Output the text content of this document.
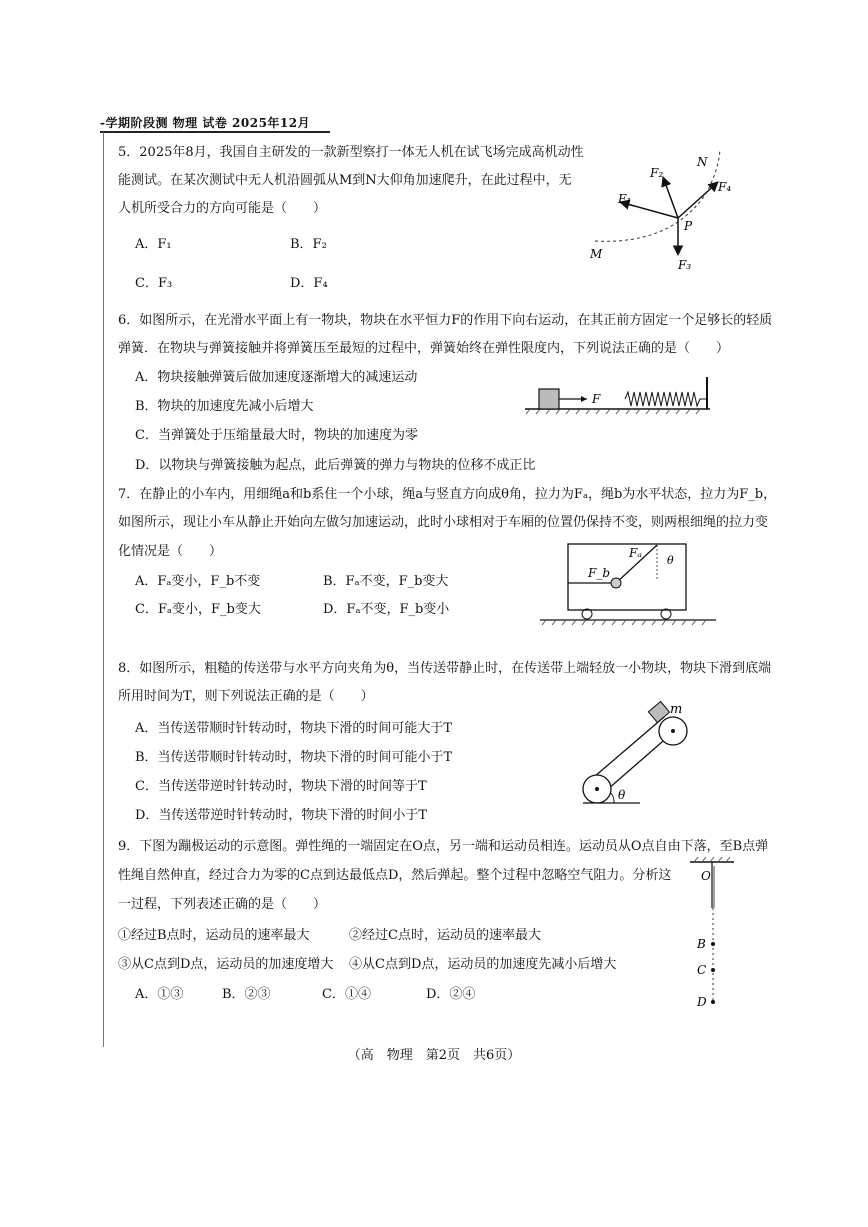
-学期阶段测 物理 试卷 2025年12月
5．2025年8月，我国自主研发的一款新型察打一体无人机在试飞场完成高机动性
能测试。在某次测试中无人机沿圆弧从M到N大仰角加速爬升，在此过程中，无
人机所受合力的方向可能是（　　）
A．F₁	B．F₂
C．F₃	D．F₄
F₁
F₂
F₃
F₄
N
M
P
6．如图所示，在光滑水平面上有一物块，物块在水平恒力F的作用下向右运动，在其正前方固定一个足够长的轻质
弹簧．在物块与弹簧接触并将弹簧压至最短的过程中，弹簧始终在弹性限度内，下列说法正确的是（　　）
A．物块接触弹簧后做加速度逐渐增大的减速运动
B．物块的加速度先减小后增大
C．当弹簧处于压缩量最大时，物块的加速度为零
D．以物块与弹簧接触为起点，此后弹簧的弹力与物块的位移不成正比
F
7．在静止的小车内，用细绳a和b系住一个小球，绳a与竖直方向成θ角，拉力为Fₐ，绳b为水平状态，拉力为F_b，
如图所示，现让小车从静止开始向左做匀加速运动，此时小球相对于车厢的位置仍保持不变，则两根细绳的拉力变
化情况是（　　）
A．Fₐ变小，F_b不变	B．Fₐ不变，F_b变大
C．Fₐ变小，F_b变大	D．Fₐ不变，F_b变小
Fₐ
F_b
θ
8．如图所示，粗糙的传送带与水平方向夹角为θ，当传送带静止时，在传送带上端轻放一小物块，物块下滑到底端
所用时间为T，则下列说法正确的是（　　）
A．当传送带顺时针转动时，物块下滑的时间可能大于T
B．当传送带顺时针转动时，物块下滑的时间可能小于T
C．当传送带逆时针转动时，物块下滑的时间等于T
D．当传送带逆时针转动时，物块下滑的时间小于T
m
θ
9．下图为蹦极运动的示意图。弹性绳的一端固定在O点，另一端和运动员相连。运动员从O点自由下落，至B点弹
性绳自然伸直，经过合力为零的C点到达最低点D，然后弹起。整个过程中忽略空气阻力。分析这
一过程，下列表述正确的是（　　）
①经过B点时，运动员的速率最大	②经过C点时，运动员的速率最大
③从C点到D点，运动员的加速度增大 ④从C点到D点，运动员的加速度先减小后增大
A．①③	B．②③	C．①④	D．②④
O
B
C
D
（高　物理　第2页　共6页）
